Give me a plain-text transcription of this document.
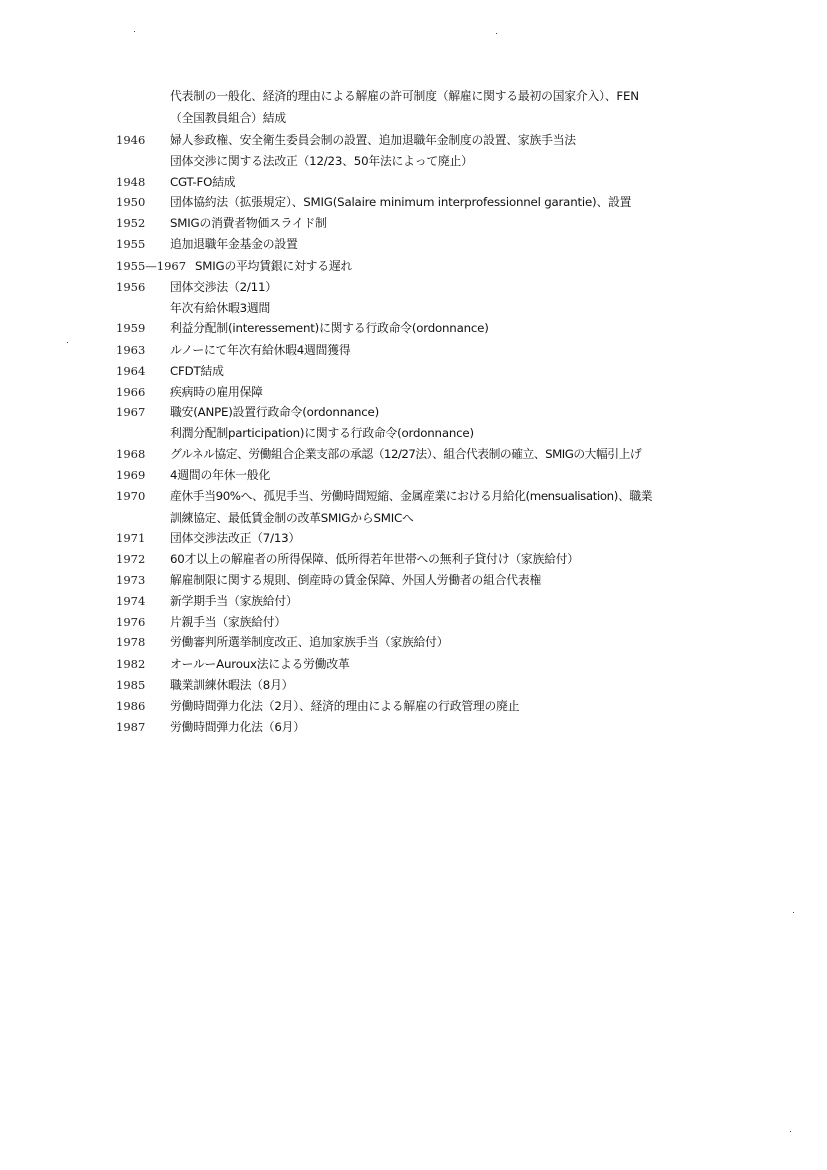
代表制の一般化、経済的理由による解雇の許可制度（解雇に関する最初の国家介入）、FEN
（全国教員組合）結成
1946	婦人参政権、安全衛生委員会制の設置、追加退職年金制度の設置、家族手当法
団体交渉に関する法改正（12/23、50年法によって廃止）
1948	CGT-FO結成
1950	団体協約法（拡張規定）、SMIG(Salaire minimum interprofessionnel garantie)、設置
1952	SMIGの消費者物価スライド制
1955	追加退職年金基金の設置
1955—1967 SMIGの平均賃銀に対する遅れ
1956	団体交渉法（2/11）
年次有給休暇3週間
1959	利益分配制(interessement)に関する行政命令(ordonnance)
1963	ルノーにて年次有給休暇4週間獲得
1964	CFDT結成
1966	疾病時の雇用保障
1967	職安(ANPE)設置行政命令(ordonnance)
利潤分配制participation)に関する行政命令(ordonnance)
1968	グルネル協定、労働組合企業支部の承認（12/27法）、組合代表制の確立、SMIGの大幅引上げ
1969	4週間の年休一般化
1970	産休手当90%へ、孤児手当、労働時間短縮、金属産業における月給化(mensualisation)、職業
訓練協定、最低賃金制の改革SMIGからSMICへ
1971	団体交渉法改正（7/13）
1972	60才以上の解雇者の所得保障、低所得若年世帯への無利子貸付け（家族給付）
1973	解雇制限に関する規則、倒産時の賃金保障、外国人労働者の組合代表権
1974	新学期手当（家族給付）
1976	片親手当（家族給付）
1978	労働審判所選挙制度改正、追加家族手当（家族給付）
1982	オールーAuroux法による労働改革
1985	職業訓練休暇法（8月）
1986	労働時間弾力化法（2月）、経済的理由による解雇の行政管理の廃止
1987	労働時間弾力化法（6月）
